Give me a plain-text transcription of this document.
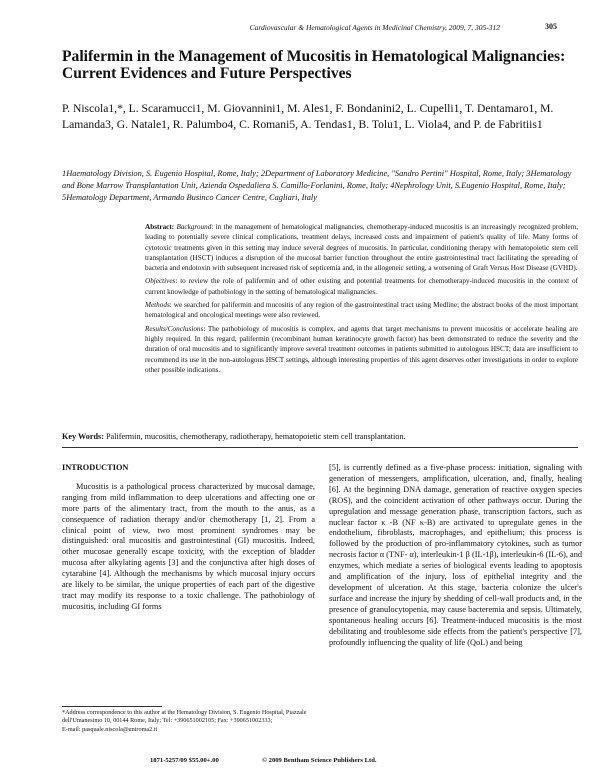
Cardiovascular & Hematological Agents in Medicinal Chemistry, 2009, 7, 305-312	305
Palifermin in the Management of Mucositis in Hematological Malignancies: Current Evidences and Future Perspectives
P. Niscola1,*, L. Scaramucci1, M. Giovannini1, M. Ales1, F. Bondanini2, L. Cupelli1, T. Dentamaro1, M. Lamanda3, G. Natale1, R. Palumbo4, C. Romani5, A. Tendas1, B. Tolu1, L. Viola4, and P. de Fabritiis1
1Haematology Division, S. Eugenio Hospital, Rome, Italy; 2Department of Laboratory Medicine, "Sandro Pertini" Hospital, Rome, Italy; 3Hematology and Bone Marrow Transplantation Unit, Azienda Ospedaliera S. Camillo-Forlanini, Rome, Italy; 4Nephrology Unit, S.Eugenio Hospital, Rome, Italy; 5Hematology Department, Armando Businco Cancer Centre, Cagliari, Italy

Abstract: Background: in the management of hematological malignancies, chemotherapy-induced mucositis is an increasingly recognized problem, leading to potentially severe clinical complications, treatment delays, increased costs and impairment of patient's quality of life. Many forms of cytotoxic treatments given in this setting may induce several degrees of mucositis. In particular, conditioning therapy with hematopoietic stem cell transplantation (HSCT) induces a disruption of the mucosal barrier function throughout the entire gastrointestinal tract facilitating the spreading of bacteria and endotoxin with subsequent increased risk of septicemia and, in the allogeneic setting, a worsening of Graft Versus Host Disease (GVHD).

Objectives: to review the role of palifermin and of other existing and potential treatments for chemotherapy-induced mucositis in the context of current knowledge of pathobiology in the setting of hematological malignancies.

Methods: we searched for palifermin and mucositis of any region of the gastrointestinal tract using Medline; the abstract books of the most important hematological and oncological meetings were also reviewed.

Results/Conclusions: The pathobiology of mucositis is complex, and agents that target mechanisms to prevent mucositis or accelerate healing are highly required. In this regard, palifermin (recombinant human keratinocyte growth factor) has been demonstrated to reduce the severity and the duration of oral mucositis and to significantly improve several treatment outcomes in patients submitted to autologous HSCT; data are insufficient to recommend its use in the non-autologous HSCT settings, although interesting properties of this agent deserves other investigations in order to explore other possible indications.

Key Words: Palifermin, mucositis, chemotherapy, radiotherapy, hematopoietic stem cell transplantation.
INTRODUCTION

Mucositis is a pathological process characterized by mucosal damage, ranging from mild inflammation to deep ulcerations and affecting one or more parts of the alimentary tract, from the mouth to the anus, as a consequence of radiation therapy and/or chemotherapy [1, 2]. From a clinical point of view, two most prominent syndromes may be distinguished: oral mucositis and gastrointestinal (GI) mucositis. Indeed, other mucosae generally escape toxicity, with the exception of bladder mucosa after alkylating agents [3] and the conjunctiva after high doses of cytarabine [4]. Although the mechanisms by which mucosal injury occurs are likely to be similar, the unique properties of each part of the digestive tract may modify its response to a toxic challenge. The pathobiology of mucositis, including GI forms

[5], is currently defined as a five-phase process: initiation, signaling with generation of messengers, amplification, ulceration, and, finally, healing [6]. At the beginning DNA damage, generation of reactive oxygen species (ROS), and the coincident activation of other pathways occur. During the upregulation and message generation phase, transcription factors, such as nuclear factor κ -B (NF κ-B) are activated to upregulate genes in the endothelium, fibroblasts, macrophages, and epithelium; this process is followed by the production of pro-inflammatory cytokines, such as tumor necrosis factor α (TNF- α), interleukin-1 β (IL-1β), interleukin-6 (IL-6), and enzymes, which mediate a series of biological events leading to apoptosis and amplification of the injury, loss of epithelial integrity and the development of ulceration. At this stage, bacteria colonize the ulcer's surface and increase the injury by shedding of cell-wall products and, in the presence of granulocytopenia, may cause bacteremia and sepsis. Ultimately, spontaneous healing occurs [6]. Treatment-induced mucositis is the most debilitating and troublesome side effects from the patient's perspective [7], profoundly influencing the quality of life (QoL) and being

*Address correspondence to this author at the Hematology Division, S. Eugenio Hospital, Piazzale dell'Umanesimo 10, 00144 Rome, Italy; Tel: +390651002105; Fax: +390651002333;
E-mail: pasquale.niscola@uniroma2.it
1871-5257/09 $55.00+.00	© 2009 Bentham Science Publishers Ltd.
